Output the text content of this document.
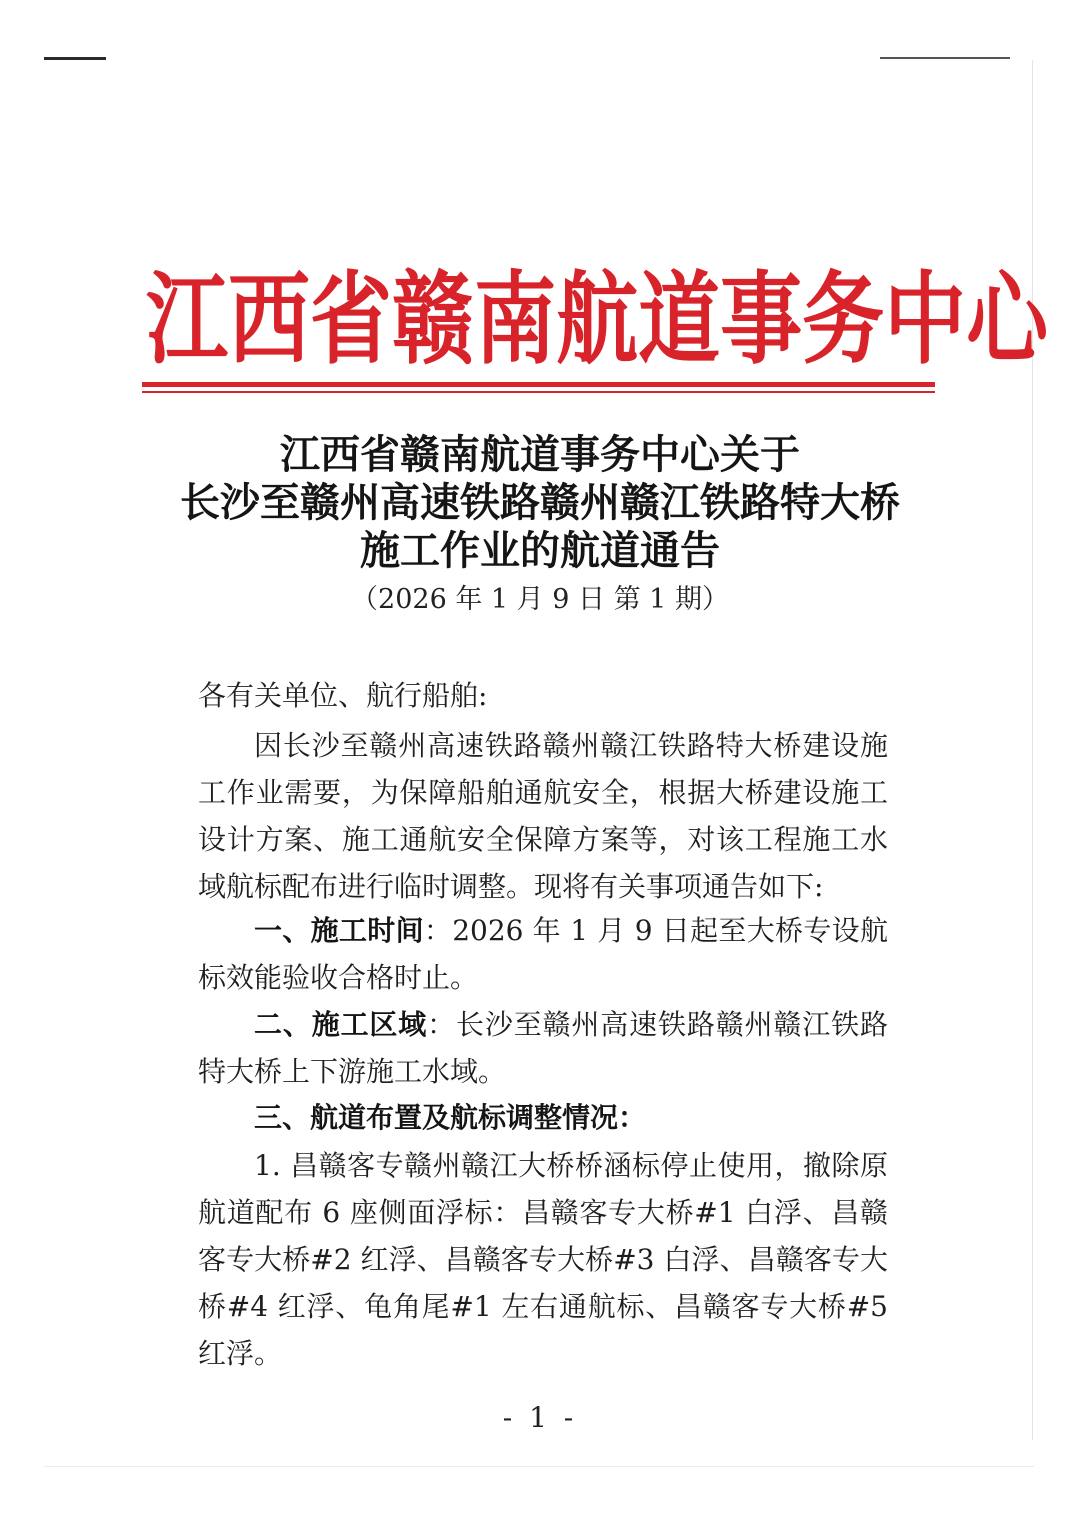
江 西 省 赣 南 航 道 事 务 中 心
江西省赣南航道事务中心关于
长沙至赣州高速铁路赣州赣江铁路特大桥
施工作业的航道通告
（2026 年 1 月 9 日 第 1 期）
各有关单位、航行船舶:
因长沙至赣州高速铁路赣州赣江铁路特大桥建设施工作业需要，为保障船舶通航安全，根据大桥建设施工设计方案、施工通航安全保障方案等，对该工程施工水域航标配布进行临时调整。现将有关事项通告如下:
一、施工时间：2026 年 1 月 9 日起至大桥专设航标效能验收合格时止。
二、施工区域：长沙至赣州高速铁路赣州赣江铁路特大桥上下游施工水域。
三、航道布置及航标调整情况：
1. 昌赣客专赣州赣江大桥桥涵标停止使用，撤除原航道配布 6 座侧面浮标：昌赣客专大桥#1 白浮、昌赣客专大桥#2 红浮、昌赣客专大桥#3 白浮、昌赣客专大桥#4 红浮、龟角尾#1 左右通航标、昌赣客专大桥#5 红浮。
- 1 -
